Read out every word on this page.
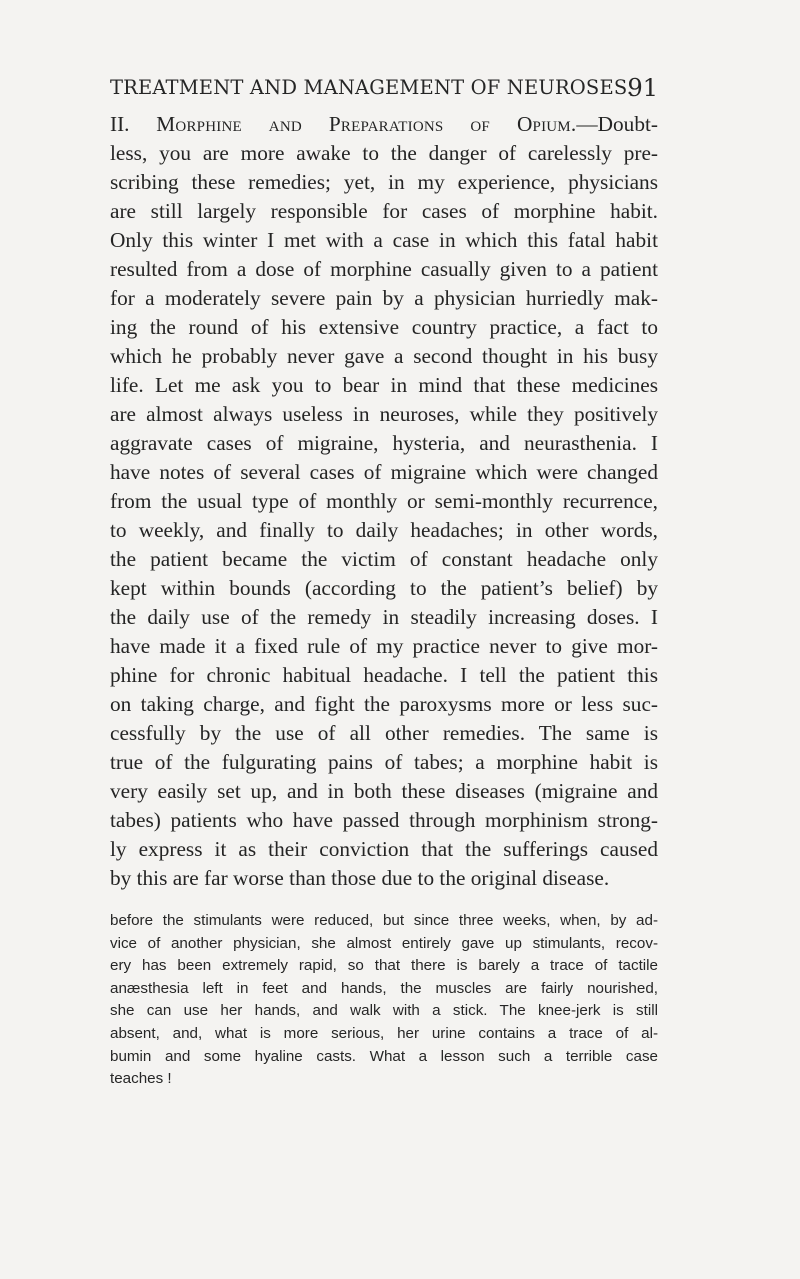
TREATMENT AND MANAGEMENT OF NEUROSES.
91
II. Morphine and Preparations of Opium.—Doubt-
less, you are more awake to the danger of carelessly pre-
scribing these remedies; yet, in my experience, physicians
are still largely responsible for cases of morphine habit.
Only this winter I met with a case in which this fatal habit
resulted from a dose of morphine casually given to a patient
for a moderately severe pain by a physician hurriedly mak-
ing the round of his extensive country practice, a fact to
which he probably never gave a second thought in his busy
life. Let me ask you to bear in mind that these medicines
are almost always useless in neuroses, while they positively
aggravate cases of migraine, hysteria, and neurasthenia. I
have notes of several cases of migraine which were changed
from the usual type of monthly or semi-monthly recurrence,
to weekly, and finally to daily headaches; in other words,
the patient became the victim of constant headache only
kept within bounds (according to the patient’s belief) by
the daily use of the remedy in steadily increasing doses. I
have made it a fixed rule of my practice never to give mor-
phine for chronic habitual headache. I tell the patient this
on taking charge, and fight the paroxysms more or less suc-
cessfully by the use of all other remedies. The same is
true of the fulgurating pains of tabes; a morphine habit is
very easily set up, and in both these diseases (migraine and
tabes) patients who have passed through morphinism strong-
ly express it as their conviction that the sufferings caused
by this are far worse than those due to the original disease.
before the stimulants were reduced, but since three weeks, when, by ad-
vice of another physician, she almost entirely gave up stimulants, recov-
ery has been extremely rapid, so that there is barely a trace of tactile
anæsthesia left in feet and hands, the muscles are fairly nourished,
she can use her hands, and walk with a stick. The knee-jerk is still
absent, and, what is more serious, her urine contains a trace of al-
bumin and some hyaline casts. What a lesson such a terrible case
teaches !
